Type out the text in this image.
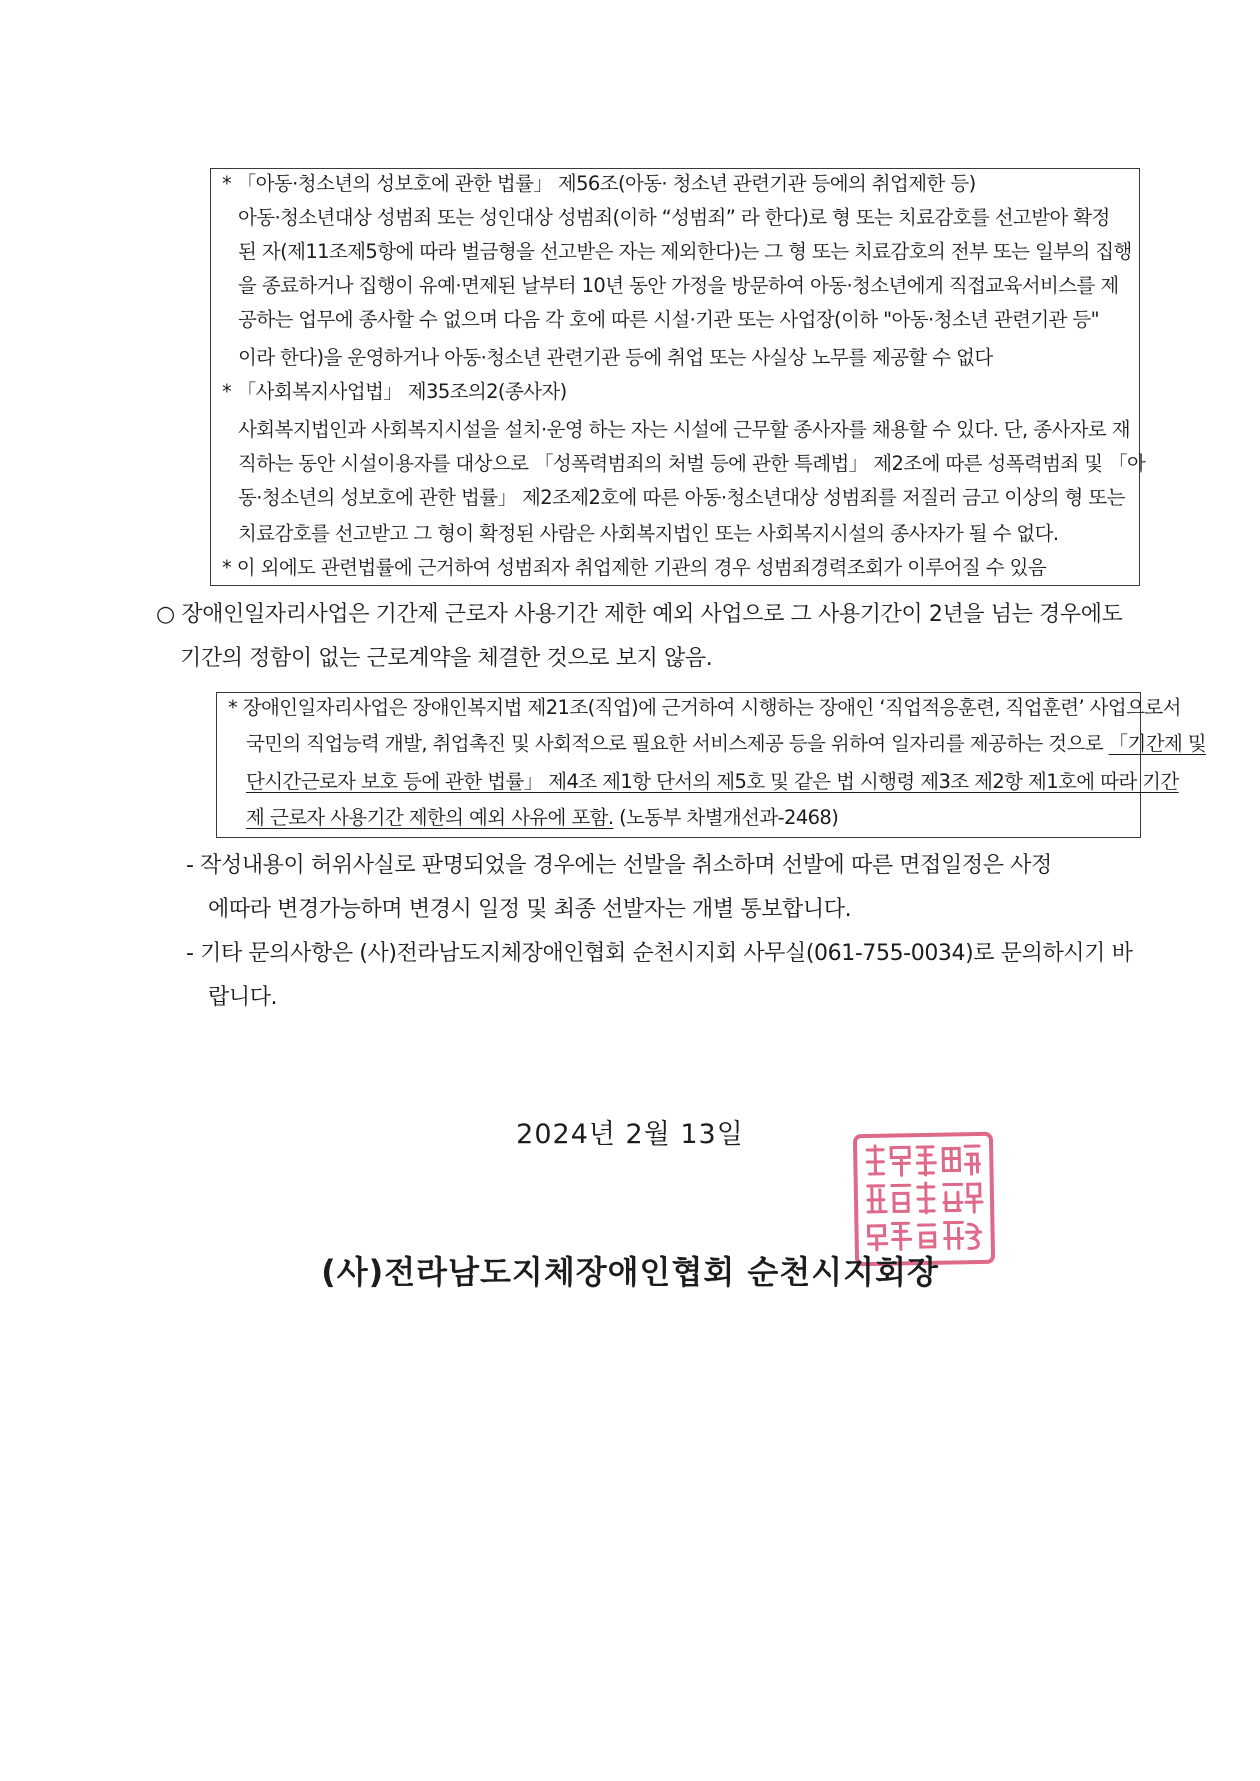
* 「아동·청소년의 성보호에 관한 법률」 제56조(아동· 청소년 관련기관 등에의 취업제한 등)
아동·청소년대상 성범죄 또는 성인대상 성범죄(이하 “성범죄” 라 한다)로 형 또는 치료감호를 선고받아 확정
된 자(제11조제5항에 따라 벌금형을 선고받은 자는 제외한다)는 그 형 또는 치료감호의 전부 또는 일부의 집행
을 종료하거나 집행이 유예·면제된 날부터 10년 동안 가정을 방문하여 아동·청소년에게 직접교육서비스를 제
공하는 업무에 종사할 수 없으며 다음 각 호에 따른 시설·기관 또는 사업장(이하 "아동·청소년 관련기관 등"
이라 한다)을 운영하거나 아동·청소년 관련기관 등에 취업 또는 사실상 노무를 제공할 수 없다
* 「사회복지사업법」 제35조의2(종사자)
사회복지법인과 사회복지시설을 설치·운영 하는 자는 시설에 근무할 종사자를 채용할 수 있다. 단, 종사자로 재
직하는 동안 시설이용자를 대상으로 「성폭력범죄의 처벌 등에 관한 특례법」 제2조에 따른 성폭력범죄 및 「아
동·청소년의 성보호에 관한 법률」 제2조제2호에 따른 아동·청소년대상 성범죄를 저질러 금고 이상의 형 또는
치료감호를 선고받고 그 형이 확정된 사람은 사회복지법인 또는 사회복지시설의 종사자가 될 수 없다.
* 이 외에도 관련법률에 근거하여 성범죄자 취업제한 기관의 경우 성범죄경력조회가 이루어질 수 있음
○ 장애인일자리사업은 기간제 근로자 사용기간 제한 예외 사업으로 그 사용기간이 2년을 넘는 경우에도
기간의 정함이 없는 근로계약을 체결한 것으로 보지 않음.
* 장애인일자리사업은 장애인복지법 제21조(직업)에 근거하여 시행하는 장애인 ‘직업적응훈련, 직업훈련’ 사업으로서
국민의 직업능력 개발, 취업촉진 및 사회적으로 필요한 서비스제공 등을 위하여 일자리를 제공하는 것으로 「기간제 및
단시간근로자 보호 등에 관한 법률」 제4조 제1항 단서의 제5호 및 같은 법 시행령 제3조 제2항 제1호에 따라 기간
제 근로자 사용기간 제한의 예외 사유에 포함. (노동부 차별개선과-2468)
- 작성내용이 허위사실로 판명되었을 경우에는 선발을 취소하며 선발에 따른 면접일정은 사정
에따라 변경가능하며 변경시 일정 및 최종 선발자는 개별 통보합니다.
- 기타 문의사항은 (사)전라남도지체장애인협회 순천시지회 사무실(061-755-0034)로 문의하시기 바
랍니다.
2024년 2월 13일
(사)전라남도지체장애인협회 순천시지회장
